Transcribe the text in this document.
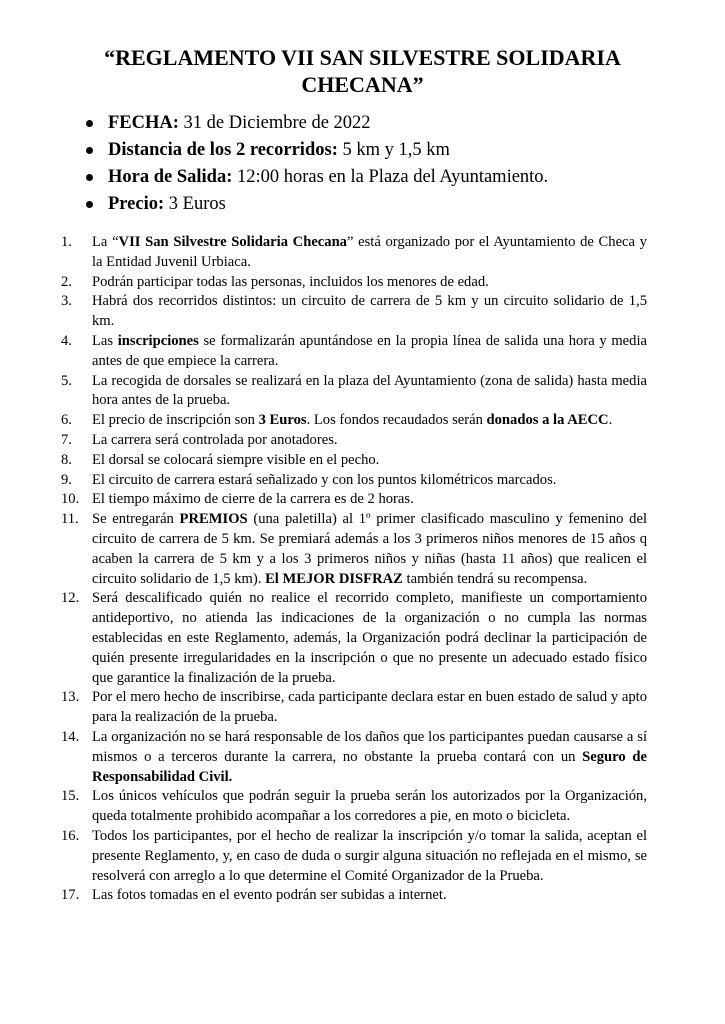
“REGLAMENTO VII SAN SILVESTRE SOLIDARIA CHECANA”
FECHA: 31 de Diciembre de 2022
Distancia de los 2 recorridos: 5 km y 1,5 km
Hora de Salida: 12:00 horas en la Plaza del Ayuntamiento.
Precio: 3 Euros
1. La “VII San Silvestre Solidaria Checana” está organizado por el Ayuntamiento de Checa y la Entidad Juvenil Urbiaca.
2. Podrán participar todas las personas, incluidos los menores de edad.
3. Habrá dos recorridos distintos: un circuito de carrera de 5 km y un circuito solidario de 1,5 km.
4. Las inscripciones se formalizarán apuntándose en la propia línea de salida una hora y media antes de que empiece la carrera.
5. La recogida de dorsales se realizará en la plaza del Ayuntamiento (zona de salida) hasta media hora antes de la prueba.
6. El precio de inscripción son 3 Euros. Los fondos recaudados serán donados a la AECC.
7. La carrera será controlada por anotadores.
8. El dorsal se colocará siempre visible en el pecho.
9. El circuito de carrera estará señalizado y con los puntos kilométricos marcados.
10. El tiempo máximo de cierre de la carrera es de 2 horas.
11. Se entregarán PREMIOS (una paletilla) al 1º primer clasificado masculino y femenino del circuito de carrera de 5 km. Se premiará además a los 3 primeros niños menores de 15 años q acaben la carrera de 5 km y a los 3 primeros niños y niñas (hasta 11 años) que realicen el circuito solidario de 1,5 km). El MEJOR DISFRAZ también tendrá su recompensa.
12. Será descalificado quién no realice el recorrido completo, manifieste un comportamiento antideportivo, no atienda las indicaciones de la organización o no cumpla las normas establecidas en este Reglamento, además, la Organización podrá declinar la participación de quién presente irregularidades en la inscripción o que no presente un adecuado estado físico que garantice la finalización de la prueba.
13. Por el mero hecho de inscribirse, cada participante declara estar en buen estado de salud y apto para la realización de la prueba.
14. La organización no se hará responsable de los daños que los participantes puedan causarse a sí mismos o a terceros durante la carrera, no obstante la prueba contará con un Seguro de Responsabilidad Civil.
15. Los únicos vehículos que podrán seguir la prueba serán los autorizados por la Organización, queda totalmente prohibido acompañar a los corredores a pie, en moto o bicicleta.
16. Todos los participantes, por el hecho de realizar la inscripción y/o tomar la salida, aceptan el presente Reglamento, y, en caso de duda o surgir alguna situación no reflejada en el mismo, se resolverá con arreglo a lo que determine el Comité Organizador de la Prueba.
17. Las fotos tomadas en el evento podrán ser subidas a internet.
